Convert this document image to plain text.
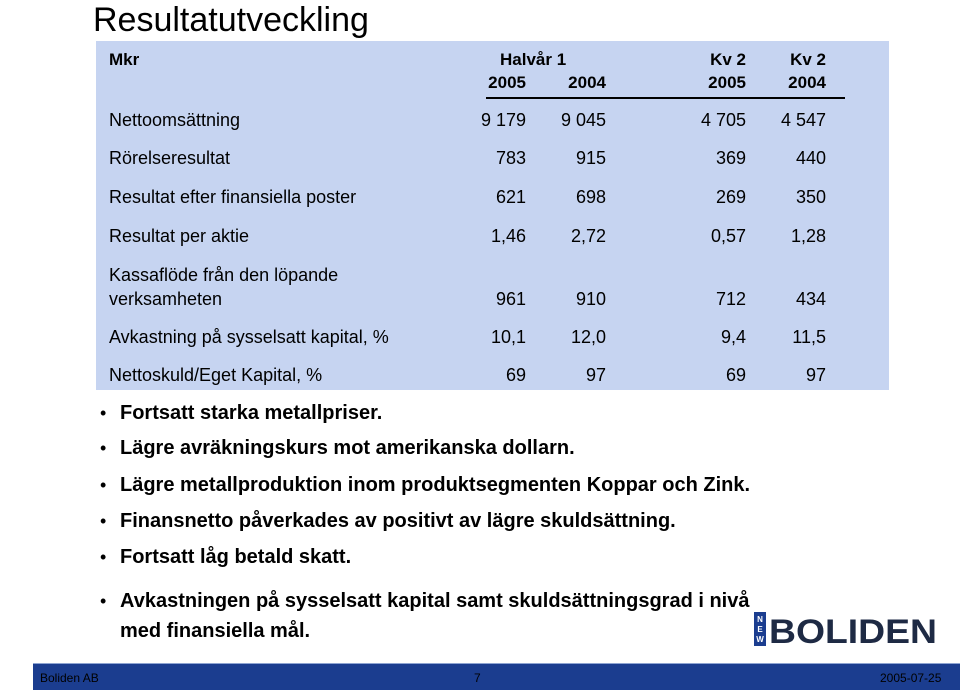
Resultatutveckling
Mkr	Halvår 1	Kv 2	Kv 2
2005	2004	2005	2004
Nettoomsättning	9 179	9 045	4 705	4 547
Rörelseresultat	783	915	369	440
Resultat efter finansiella poster	621	698	269	350
Resultat per aktie	1,46	2,72	0,57	1,28
Kassaflöde från den löpande
verksamheten	961	910	712	434
Avkastning på sysselsatt kapital, %	10,1	12,0	9,4	11,5
Nettoskuld/Eget Kapital, %	69	97	69	97
• Fortsatt starka metallpriser.
• Lägre avräkningskurs mot amerikanska dollarn.
• Lägre metallproduktion inom produktsegmenten Koppar och Zink.
• Finansnetto påverkades av positivt av lägre skuldsättning.
• Fortsatt låg betald skatt.
• Avkastningen på sysselsatt kapital samt skuldsättningsgrad i nivå
med finansiella mål.
N
E
W BOLIDEN
Boliden AB	7	2005-07-25
